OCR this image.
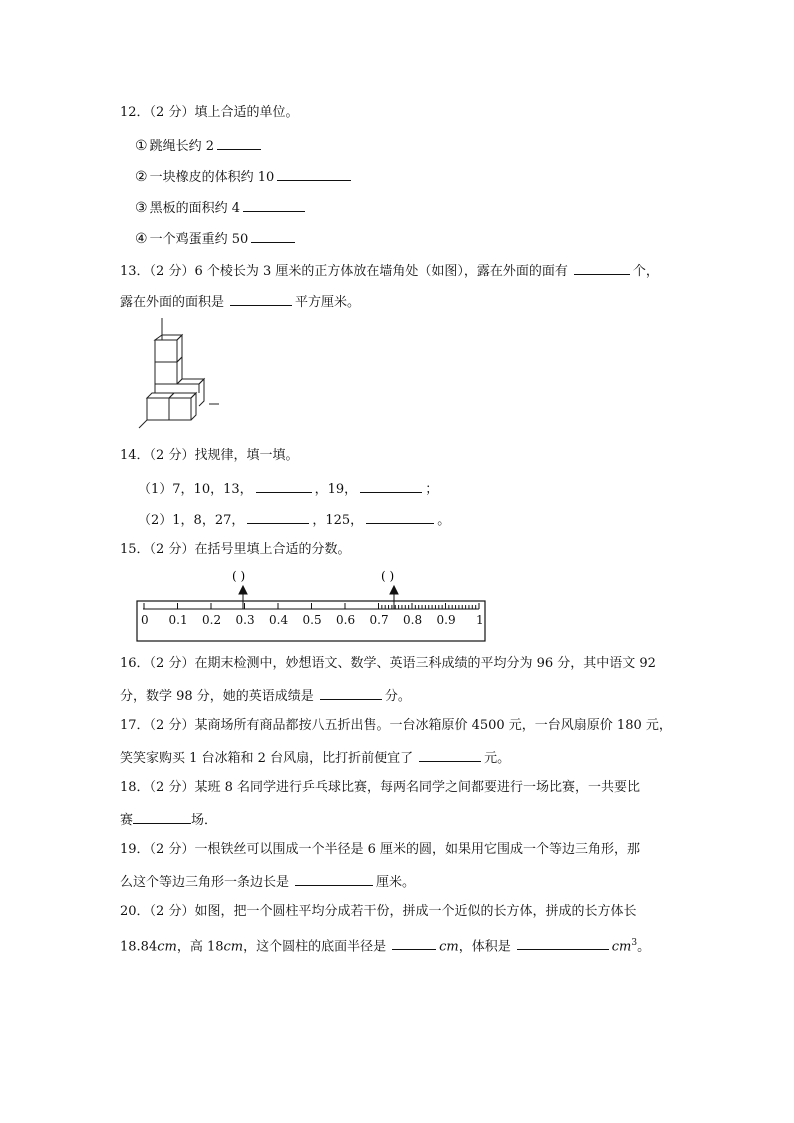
12．（2 分）填上合适的单位。
① 跳绳长约 2
② 一块橡皮的体积约 10
③ 黑板的面积约 4
④ 一个鸡蛋重约 50
13．（2 分）6 个棱长为 3 厘米的正方体放在墙角处（如图），露在外面的面有	个，
露在外面的面积是	平方厘米。
14．（2 分）找规律，填一填。
（1）7，10，13，	，19，	；
（2）1，8，27，	，125，	。
15．（2 分）在括号里填上合适的分数。
( )	( )
0 0.1 0.2 0.3 0.4 0.5 0.6 0.7 0.8 0.9 1
16．（2 分）在期末检测中，妙想语文、数学、英语三科成绩的平均分为 96 分，其中语文 92
分，数学 98 分，她的英语成绩是	分。
17．（2 分）某商场所有商品都按八五折出售。一台冰箱原价 4500 元，一台风扇原价 180 元，
笑笑家购买 1 台冰箱和 2 台风扇，比打折前便宜了	元。
18．（2 分）某班 8 名同学进行乒乓球比赛，每两名同学之间都要进行一场比赛，一共要比
赛	场．
19．（2 分）一根铁丝可以围成一个半径是 6 厘米的圆，如果用它围成一个等边三角形，那
么这个等边三角形一条边长是	厘米。
20．（2 分）如图，把一个圆柱平均分成若干份，拼成一个近似的长方体，拼成的长方体长
18.84cm，高 18cm，这个圆柱的底面半径是	cm，体积是	$cm^3$。
